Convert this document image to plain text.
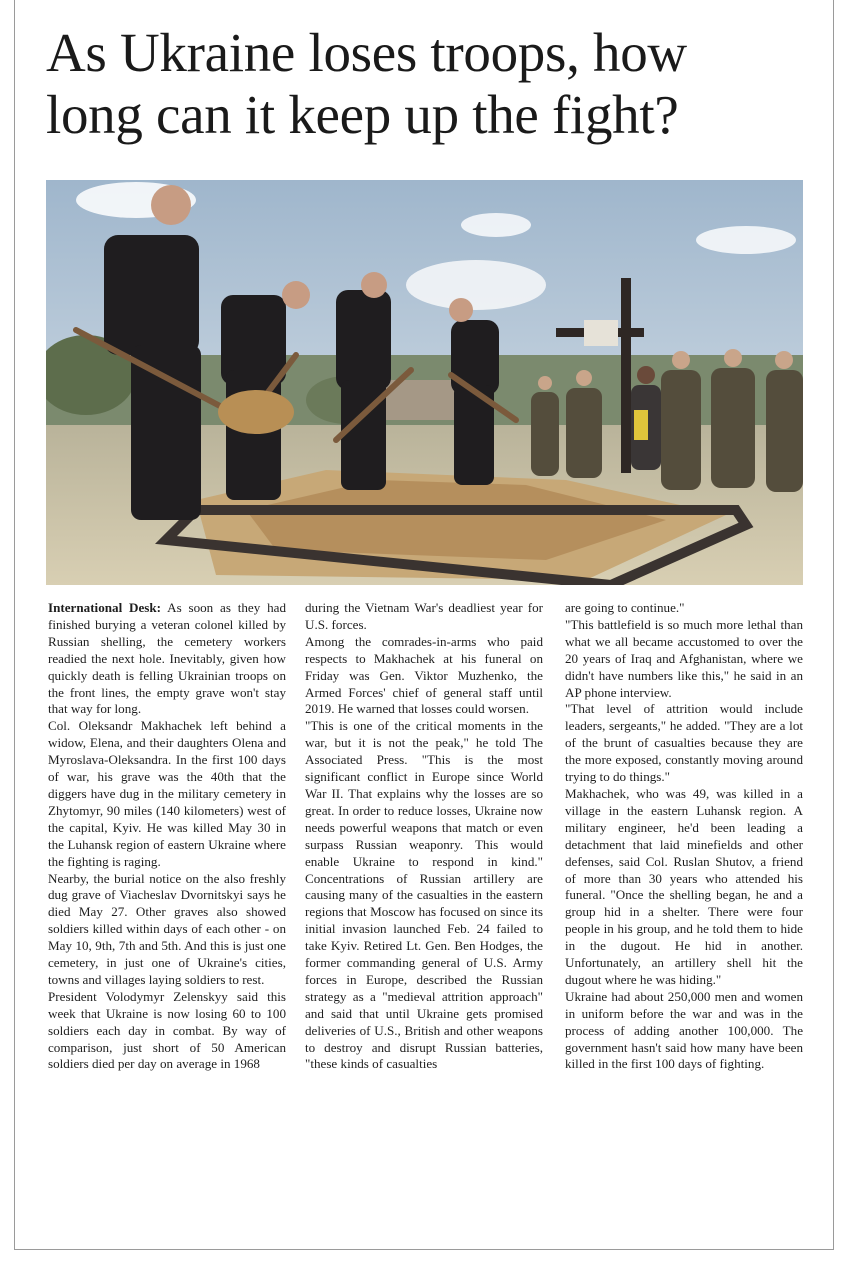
As Ukraine loses troops, how
long can it keep up the fight?

International Desk: As soon as they had finished burying a veteran colonel killed by Russian shelling, the cemetery workers readied the next hole. Inevitably, given how quickly death is felling Ukrainian troops on the front lines, the empty grave won't stay that way for long.

Col. Oleksandr Makhachek left behind a widow, Elena, and their daughters Olena and Myroslava-Oleksandra. In the first 100 days of war, his grave was the 40th that the diggers have dug in the military cemetery in Zhytomyr, 90 miles (140 kilometers) west of the capital, Kyiv. He was killed May 30 in the Luhansk region of eastern Ukraine where the fighting is raging.

Nearby, the burial notice on the also freshly dug grave of Viacheslav Dvornitskyi says he died May 27. Other graves also showed soldiers killed within days of each other - on May 10, 9th, 7th and 5th. And this is just one cemetery, in just one of Ukraine's cities, towns and villages laying soldiers to rest.

President Volodymyr Zelenskyy said this week that Ukraine is now losing 60 to 100 soldiers each day in combat. By way of comparison, just short of 50 American soldiers died per day on average in 1968

during the Vietnam War's deadliest year for U.S. forces.

Among the comrades-in-arms who paid respects to Makhachek at his funeral on Friday was Gen. Viktor Muzhenko, the Armed Forces' chief of general staff until 2019. He warned that losses could worsen.

"This is one of the critical moments in the war, but it is not the peak," he told The Associated Press. "This is the most significant conflict in Europe since World War II. That explains why the losses are so great. In order to reduce losses, Ukraine now needs powerful weapons that match or even surpass Russian weaponry. This would enable Ukraine to respond in kind." Concentrations of Russian artillery are causing many of the casualties in the eastern regions that Moscow has focused on since its initial invasion launched Feb. 24 failed to take Kyiv. Retired Lt. Gen. Ben Hodges, the former commanding general of U.S. Army forces in Europe, described the Russian strategy as a "medieval attrition approach" and said that until Ukraine gets promised deliveries of U.S., British and other weapons to destroy and disrupt Russian batteries, "these kinds of casualties

are going to continue."

"This battlefield is so much more lethal than what we all became accustomed to over the 20 years of Iraq and Afghanistan, where we didn't have numbers like this," he said in an AP phone interview.

"That level of attrition would include leaders, sergeants," he added. "They are a lot of the brunt of casualties because they are the more exposed, constantly moving around trying to do things."

Makhachek, who was 49, was killed in a village in the eastern Luhansk region. A military engineer, he'd been leading a detachment that laid minefields and other defenses, said Col. Ruslan Shutov, a friend of more than 30 years who attended his funeral. "Once the shelling began, he and a group hid in a shelter. There were four people in his group, and he told them to hide in the dugout. He hid in another. Unfortunately, an artillery shell hit the dugout where he was hiding."

Ukraine had about 250,000 men and women in uniform before the war and was in the process of adding another 100,000. The government hasn't said how many have been killed in the first 100 days of fighting.
